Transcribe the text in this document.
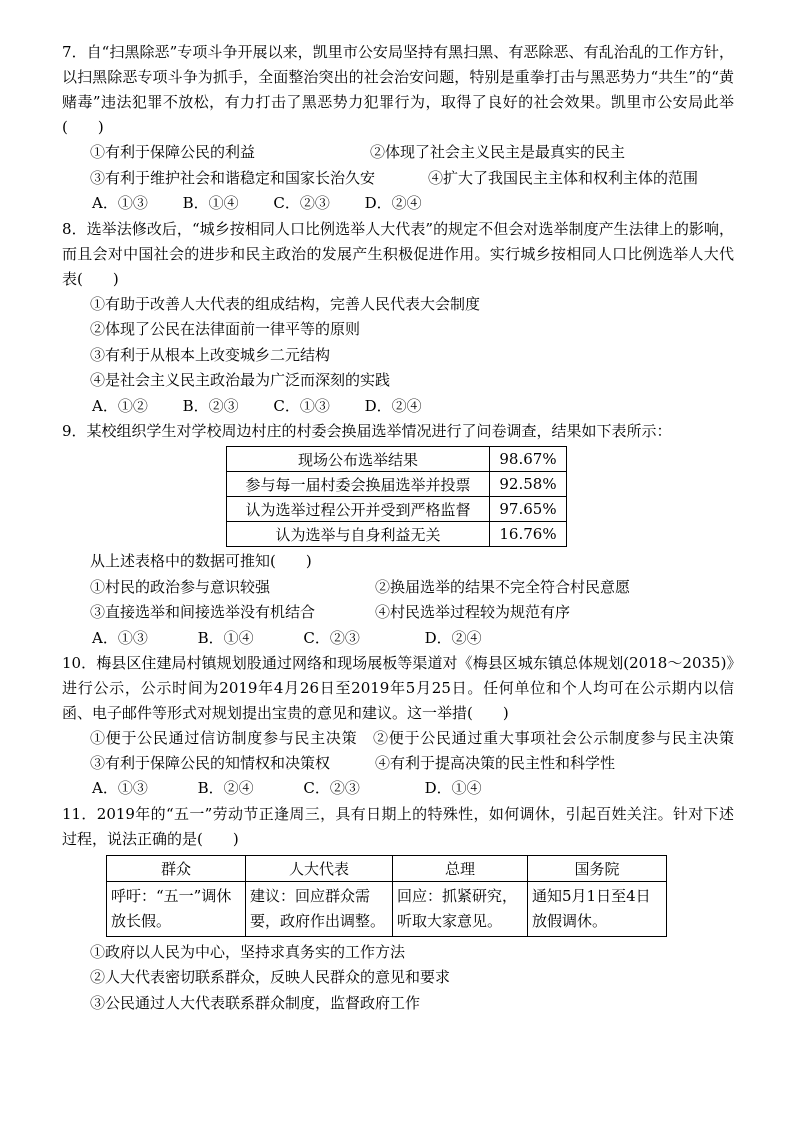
7．自“扫黑除恶”专项斗争开展以来，凯里市公安局坚持有黑扫黑、有恶除恶、有乱治乱的工作方针，以扫黑除恶专项斗争为抓手，全面整治突出的社会治安问题，特别是重拳打击与黑恶势力“共生”的“黄赌毒”违法犯罪不放松，有力打击了黑恶势力犯罪行为，取得了良好的社会效果。凯里市公安局此举(　　)
①有利于保障公民的利益	②体现了社会主义民主是最真实的民主
③有利于维护社会和谐稳定和国家长治久安	④扩大了我国民主主体和权利主体的范围
A．①③　　 B．①④　　 C．②③　　 D．②④
8．选举法修改后，“城乡按相同人口比例选举人大代表”的规定不但会对选举制度产生法律上的影响，而且会对中国社会的进步和民主政治的发展产生积极促进作用。实行城乡按相同人口比例选举人大代表(　　)
①有助于改善人大代表的组成结构，完善人民代表大会制度
②体现了公民在法律面前一律平等的原则
③有利于从根本上改变城乡二元结构
④是社会主义民主政治最为广泛而深刻的实践
A．①②　　 B．②③　　 C．①③　　 D．②④
9．某校组织学生对学校周边村庄的村委会换届选举情况进行了问卷调查，结果如下表所示：
现场公布选举结果	98.67%
参与每一届村委会换届选举并投票	92.58%
认为选举过程公开并受到严格监督	97.65%
认为选举与自身利益无关	16.76%
从上述表格中的数据可推知(　　)
①村民的政治参与意识较强	②换届选举的结果不完全符合村民意愿
③直接选举和间接选举没有机结合	④村民选举过程较为规范有序
A．①③　　　 B．①④　　　 C．②③　　　　 D．②④
10．梅县区住建局村镇规划股通过网络和现场展板等渠道对《梅县区城东镇总体规划(2018～2035)》进行公示，公示时间为2019年4月26日至2019年5月25日。任何单位和个人均可在公示期内以信函、电子邮件等形式对规划提出宝贵的意见和建议。这一举措(　　)
①便于公民通过信访制度参与民主决策　②便于公民通过重大事项社会公示制度参与民主决策　③有利于保障公民的知情权和决策权　　　④有利于提高决策的民主性和科学性
A．①③　　　 B．②④　　　 C．②③　　　　 D．①④
11．2019年的“五一”劳动节正逢周三，具有日期上的特殊性，如何调休，引起百姓关注。针对下述过程，说法正确的是(　　)
群众	人大代表	总理	国务院
呼吁：“五一”调休放长假。	建议：回应群众需要，政府作出调整。	回应：抓紧研究，听取大家意见。	通知5月1日至4日放假调休。
①政府以人民为中心，坚持求真务实的工作方法
②人大代表密切联系群众，反映人民群众的意见和要求
③公民通过人大代表联系群众制度，监督政府工作
